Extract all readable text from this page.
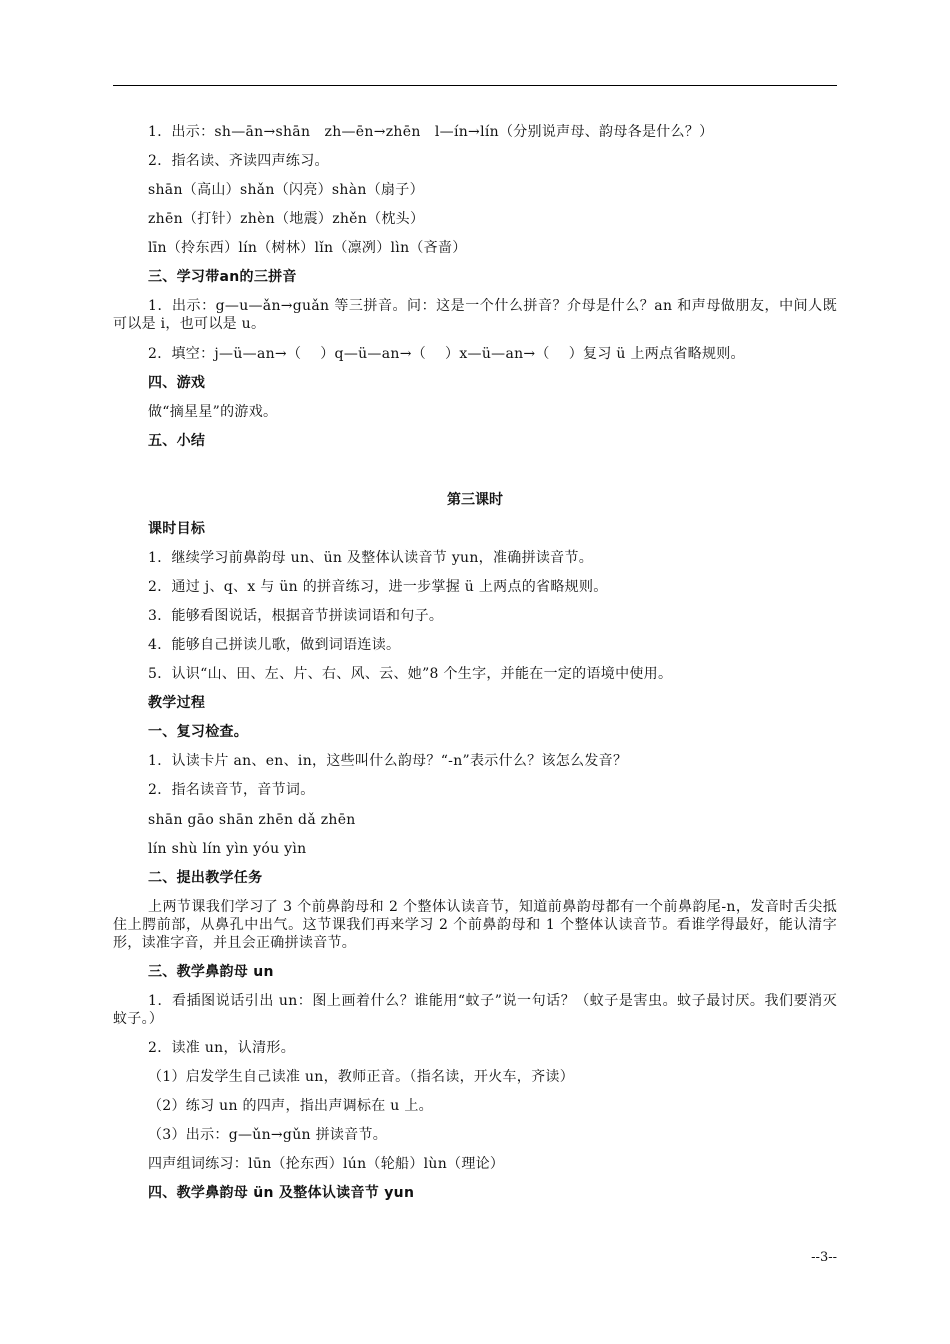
1．出示：sh—ān→shān   zh—ēn→zhēn   l—ín→lín（分别说声母、韵母各是什么？）
2．指名读、齐读四声练习。
shān（高山）shǎn（闪亮）shàn（扇子）
zhēn（打针）zhèn（地震）zhěn（枕头）
līn（拎东西）lín（树林）lǐn（凛冽）lìn（吝啬）
三、学习带an的三拼音
1．出示：g—u—ǎn→guǎn 等三拼音。问：这是一个什么拼音？介母是什么？an 和声母做朋友，中间人既可以是 i，也可以是 u。
2．填空：j—ü—an→（    ）q—ü—an→（    ）x—ü—an→（    ）复习 ü 上两点省略规则。
四、游戏
做“摘星星”的游戏。
五、小结
第三课时
课时目标
1．继续学习前鼻韵母 un、ün 及整体认读音节 yun，准确拼读音节。
2．通过 j、q、x 与 ün 的拼音练习，进一步掌握 ü 上两点的省略规则。
3．能够看图说话，根据音节拼读词语和句子。
4．能够自己拼读儿歌，做到词语连读。
5．认识“山、田、左、片、右、风、云、她”8 个生字，并能在一定的语境中使用。
教学过程
一、复习检查。
1．认读卡片 an、en、in，这些叫什么韵母？“-n”表示什么？该怎么发音？
2．指名读音节，音节词。
shān gāo shān zhēn dǎ zhēn
lín shù lín yìn yóu yìn
二、提出教学任务
上两节课我们学习了 3 个前鼻韵母和 2 个整体认读音节，知道前鼻韵母都有一个前鼻韵尾-n，发音时舌尖抵住上腭前部，从鼻孔中出气。这节课我们再来学习 2 个前鼻韵母和 1 个整体认读音节。看谁学得最好，能认清字形，读准字音，并且会正确拼读音节。
三、教学鼻韵母 un
1．看插图说话引出 un：图上画着什么？谁能用“蚊子”说一句话？（蚊子是害虫。蚊子最讨厌。我们要消灭蚊子。）
2．读准 un，认清形。
（1）启发学生自己读准 un，教师正音。（指名读，开火车，齐读）
（2）练习 un 的四声，指出声调标在 u 上。
（3）出示：g—ǔn→gǔn 拼读音节。
四声组词练习：lūn（抡东西）lún（轮船）lùn（理论）
四、教学鼻韵母 ün 及整体认读音节 yun
--3--
